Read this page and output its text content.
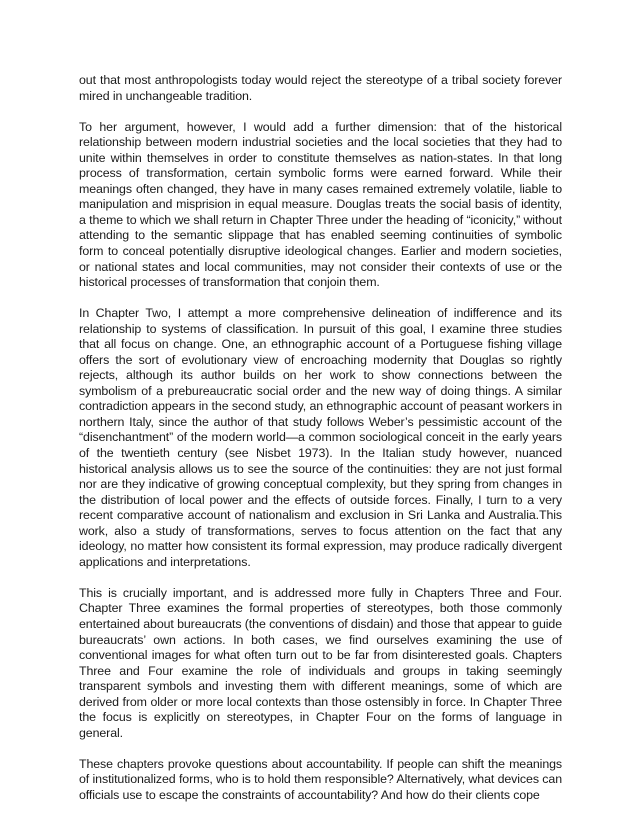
out that most anthropologists today would reject the stereotype of a tribal society forever mired in unchangeable tradition.

To her argument, however, I would add a further dimension: that of the historical relationship between modern industrial societies and the local societies that they had to unite within themselves in order to constitute themselves as nation-states. In that long process of transformation, certain symbolic forms were earned forward. While their meanings often changed, they have in many cases remained extremely volatile, liable to manipulation and misprision in equal measure. Douglas treats the social basis of identity, a theme to which we shall return in Chapter Three under the heading of “iconicity,” without attending to the semantic slippage that has enabled seeming continuities of symbolic form to conceal potentially disruptive ideological changes. Earlier and modern societies, or national states and local communities, may not consider their contexts of use or the historical processes of transformation that conjoin them.

In Chapter Two, I attempt a more comprehensive delineation of indifference and its relationship to systems of classification. In pursuit of this goal, I examine three studies that all focus on change. One, an ethnographic account of a Portuguese fishing village offers the sort of evolutionary view of encroaching modernity that Douglas so rightly rejects, although its author builds on her work to show connections between the symbolism of a prebureaucratic social order and the new way of doing things. A similar contradiction appears in the second study, an ethnographic account of peasant workers in northern Italy, since the author of that study follows Weber’s pessimistic account of the “disenchantment” of the modern world—a common sociological conceit in the early years of the twentieth century (see Nisbet 1973). In the Italian study however, nuanced historical analysis allows us to see the source of the continuities: they are not just formal nor are they indicative of growing conceptual complexity, but they spring from changes in the distribution of local power and the effects of outside forces. Finally, I turn to a very recent comparative account of nationalism and exclusion in Sri Lanka and Australia.This work, also a study of transformations, serves to focus attention on the fact that any ideology, no matter how consistent its formal expression, may produce radically divergent applications and interpretations.

This is crucially important, and is addressed more fully in Chapters Three and Four. Chapter Three examines the formal properties of stereotypes, both those commonly entertained about bureaucrats (the conventions of disdain) and those that appear to guide bureaucrats’ own actions. In both cases, we find ourselves examining the use of conventional images for what often turn out to be far from disinterested goals. Chapters Three and Four examine the role of individuals and groups in taking seemingly transparent symbols and investing them with different meanings, some of which are derived from older or more local contexts than those ostensibly in force. In Chapter Three the focus is explicitly on stereotypes, in Chapter Four on the forms of language in general.

These chapters provoke questions about accountability. If people can shift the meanings of institutionalized forms, who is to hold them responsible? Alternatively, what devices can officials use to escape the constraints of accountability? And how do their clients cope
